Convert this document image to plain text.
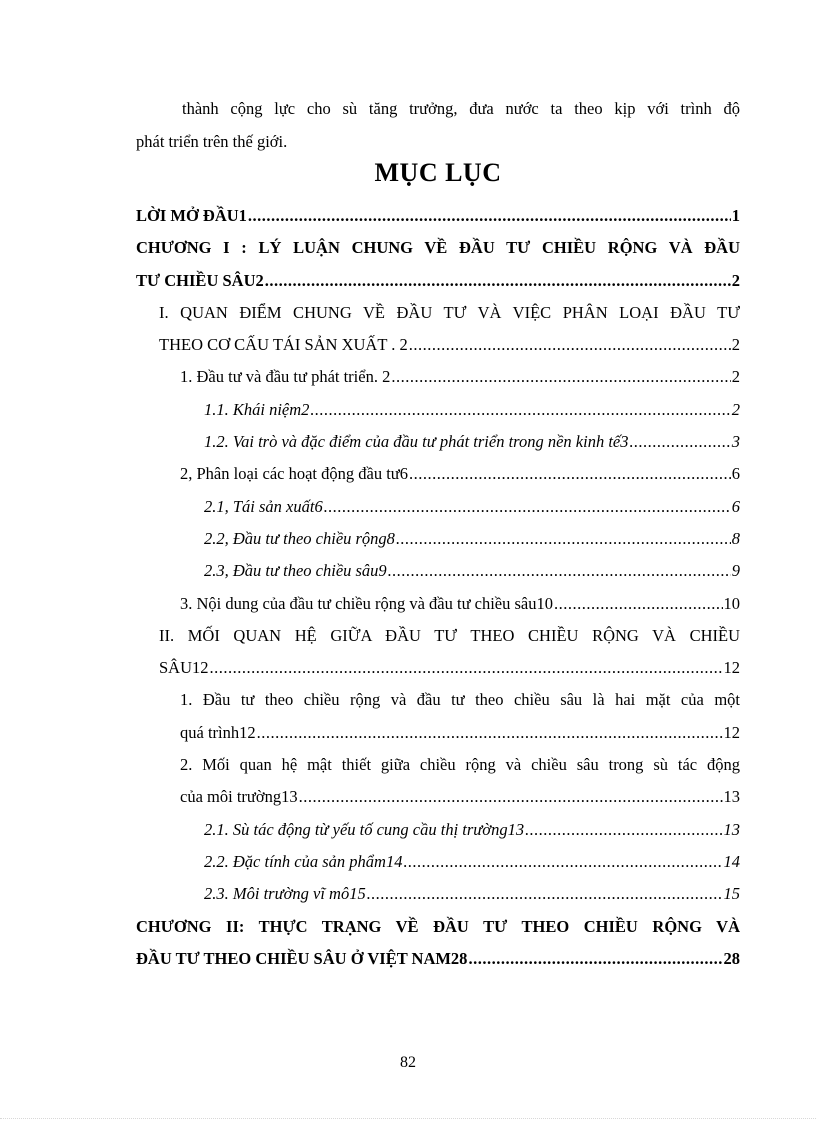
thành cộng lực cho sù tăng trưởng, đưa nước ta theo kịp với trình độ
phát triển trên thế giới.
MỤC LỤC
LỜI MỞ ĐẦU1 .....	1
CHƯƠNG I : LÝ LUẬN CHUNG VỀ ĐẦU TƯ CHIỀU RỘNG VÀ ĐẦU
TƯ CHIỀU SÂU2 .....	2
I. QUAN ĐIỂM CHUNG VỀ ĐẦU TƯ VÀ VIỆC PHÂN LOẠI ĐẦU TƯ
THEO CƠ CẤU TÁI SẢN XUẤT . 2 .....	2
1. Đầu tư và đầu tư phát triển. 2 .....	2
1.1. Khái niệm2 .....	2
1.2. Vai trò và đặc điểm của đầu tư phát triển trong nền kinh tế3 .....	3
2, Phân loại các hoạt động đầu tư6 .....	6
2.1, Tái sản xuất6 .....	6
2.2, Đầu tư theo chiều rộng8 .....	8
2.3, Đầu tư theo chiều sâu9 .....	9
3. Nội dung của đầu tư chiều rộng và đầu tư chiều sâu10 .....	10
II. MỐI QUAN HỆ GIỮA ĐẦU TƯ THEO CHIỀU RỘNG VÀ CHIỀU
SÂU12 .....	12
1. Đầu tư theo chiều rộng và đầu tư theo chiều sâu là hai mặt của một
quá trình12 .....	12
2. Mối quan hệ mật thiết giữa chiều rộng và chiều sâu trong sù tác động
của môi trường13 .....	13
2.1. Sù tác động từ yếu tố cung cầu thị trường13 .....	13
2.2. Đặc tính của sản phẩm14 .....	14
2.3. Môi trường vĩ mô15 .....	15
CHƯƠNG II: THỰC TRẠNG VỀ ĐẦU TƯ THEO CHIỀU RỘNG VÀ
ĐẦU TƯ THEO CHIỀU SÂU Ở VIỆT NAM28 .....	28
82
